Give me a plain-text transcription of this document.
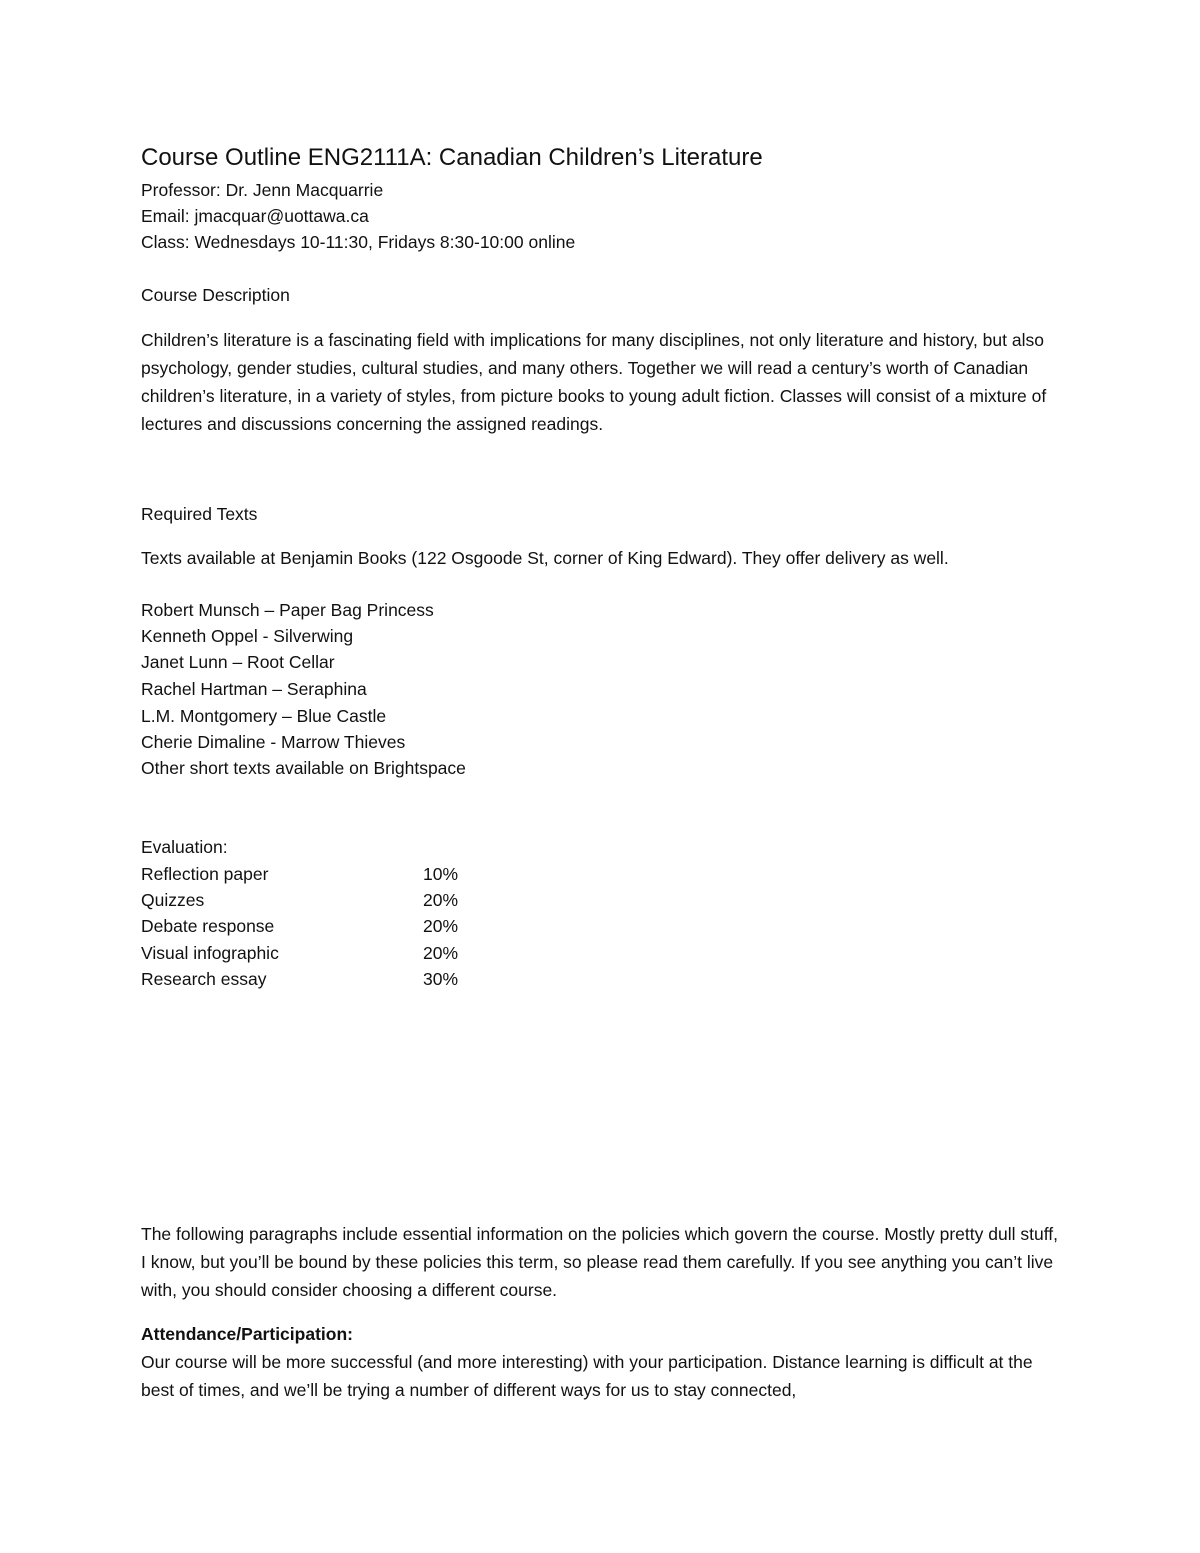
Course Outline ENG2111A: Canadian Children’s Literature

Professor: Dr. Jenn Macquarrie

Email: jmacquar@uottawa.ca

Class: Wednesdays 10-11:30, Fridays 8:30-10:00 online

Course Description

Children’s literature is a fascinating field with implications for many disciplines, not only literature and history, but also psychology, gender studies, cultural studies, and many others. Together we will read a century’s worth of Canadian children’s literature, in a variety of styles, from picture books to young adult fiction. Classes will consist of a mixture of lectures and discussions concerning the assigned readings.

Required Texts

Texts available at Benjamin Books (122 Osgoode St, corner of King Edward). They offer delivery as well.

Robert Munsch – Paper Bag Princess

Kenneth Oppel - Silverwing

Janet Lunn – Root Cellar

Rachel Hartman – Seraphina

L.M. Montgomery – Blue Castle

Cherie Dimaline - Marrow Thieves

Other short texts available on Brightspace

Evaluation:

Reflection paper	10%
Quizzes	20%
Debate response	20%
Visual infographic	20%
Research essay	30%

The following paragraphs include essential information on the policies which govern the course. Mostly pretty dull stuff, I know, but you’ll be bound by these policies this term, so please read them carefully. If you see anything you can’t live with, you should consider choosing a different course.

Attendance/Participation:

Our course will be more successful (and more interesting) with your participation. Distance learning is difficult at the best of times, and we’ll be trying a number of different ways for us to stay connected,
